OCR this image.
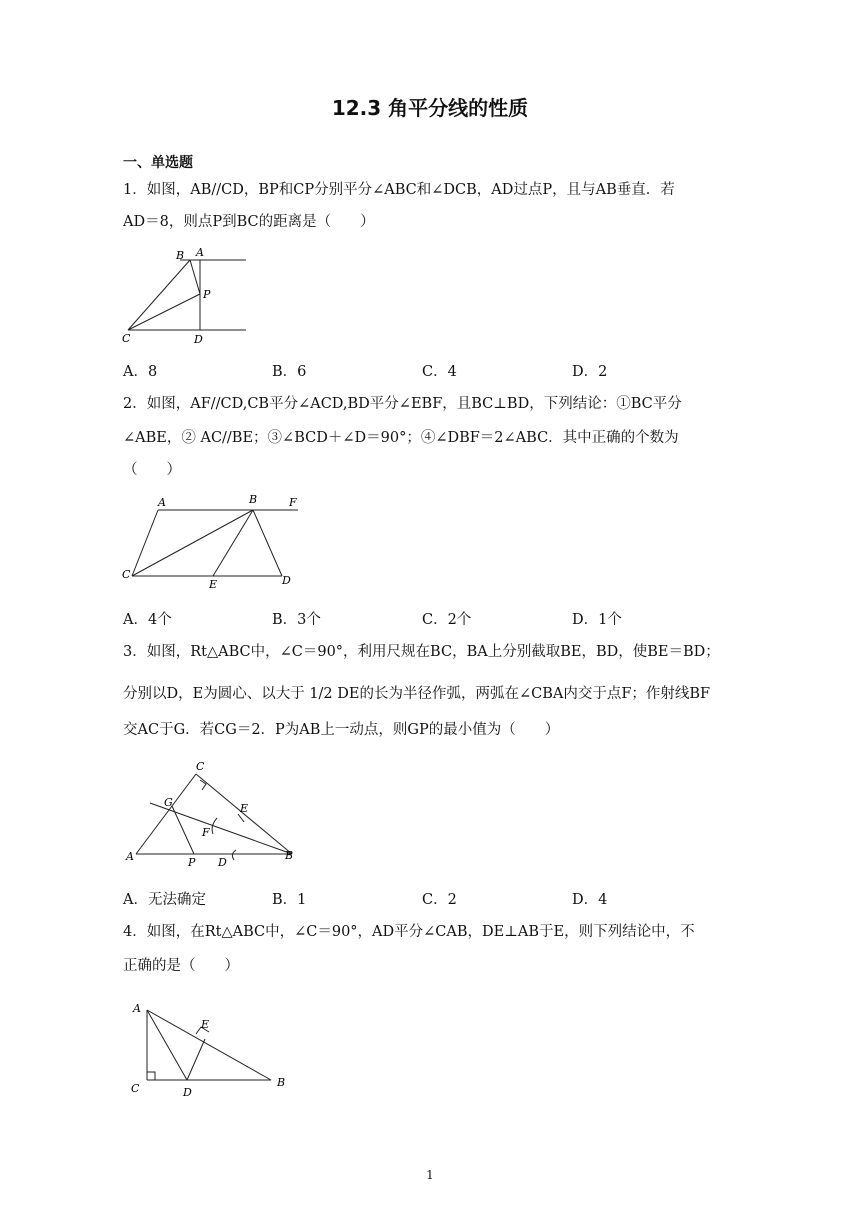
12.3 角平分线的性质
一、单选题
1．如图，AB//CD，BP和CP分别平分∠ABC和∠DCB，AD过点P，且与AB垂直．若
AD＝8，则点P到BC的距离是（　　）
B A
P
C	D
A．8	B．6	C．4	D．2
2．如图，AF//CD,CB平分∠ACD,BD平分∠EBF，且BC⊥BD，下列结论：①BC平分
∠ABE，② AC//BE；③∠BCD＋∠D＝90°；④∠DBF＝2∠ABC．其中正确的个数为
（　　）
A	B	F
C
E	D
A．4个	B．3个	C．2个	D．1个
3．如图，Rt△ABC中，∠C＝90°，利用尺规在BC，BA上分别截取BE，BD，使BE＝BD；
分别以D，E为圆心、以大于 1/2 DE的长为半径作弧，两弧在∠CBA内交于点F；作射线BF
交AC于G．若CG＝2．P为AB上一动点，则GP的最小值为（　　）
C
G	E
F
A	P D
B
A．无法确定	B．1	C．2	D．4
4．如图，在Rt△ABC中，∠C＝90°，AD平分∠CAB，DE⊥AB于E，则下列结论中，不
正确的是（　　）
A
E
C	D
B
1
